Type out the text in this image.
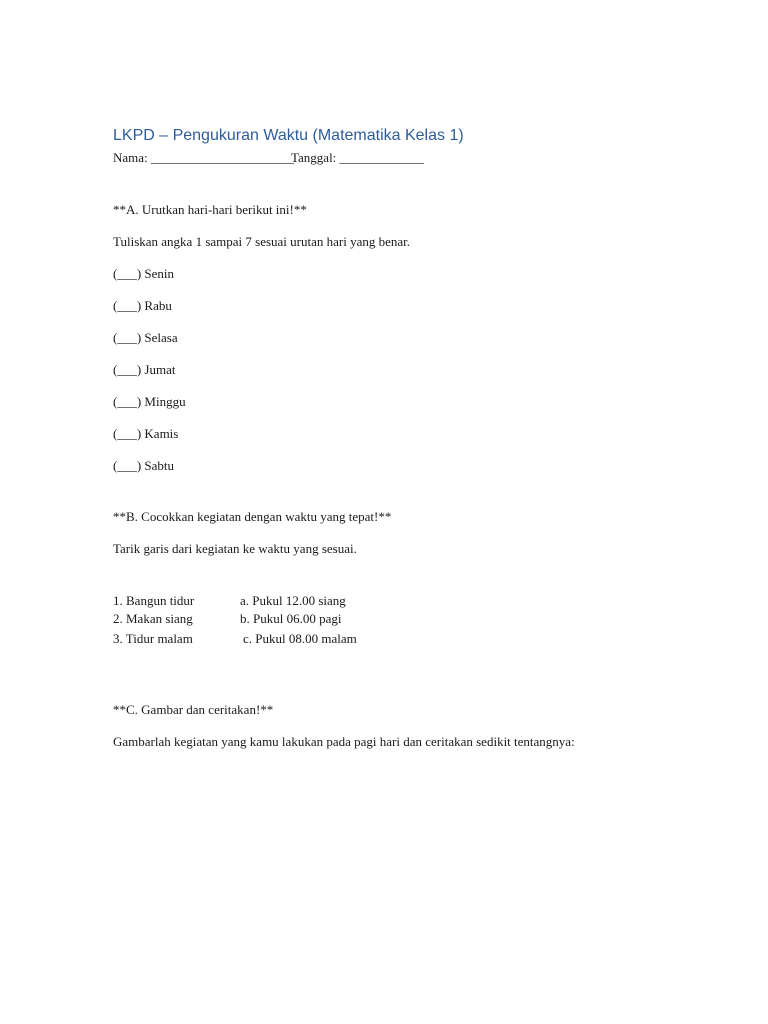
LKPD – Pengukuran Waktu (Matematika Kelas 1)
Nama: ______________________
Tanggal: _____________
**A. Urutkan hari-hari berikut ini!**
Tuliskan angka 1 sampai 7 sesuai urutan hari yang benar.
(___) Senin
(___) Rabu
(___) Selasa
(___) Jumat
(___) Minggu
(___) Kamis
(___) Sabtu
**B. Cocokkan kegiatan dengan waktu yang tepat!**
Tarik garis dari kegiatan ke waktu yang sesuai.
1. Bangun tidur
2. Makan siang
3. Tidur malam
a. Pukul 12.00 siang
b. Pukul 06.00 pagi
c. Pukul 08.00 malam
**C. Gambar dan ceritakan!**
Gambarlah kegiatan yang kamu lakukan pada pagi hari dan ceritakan sedikit tentangnya:
